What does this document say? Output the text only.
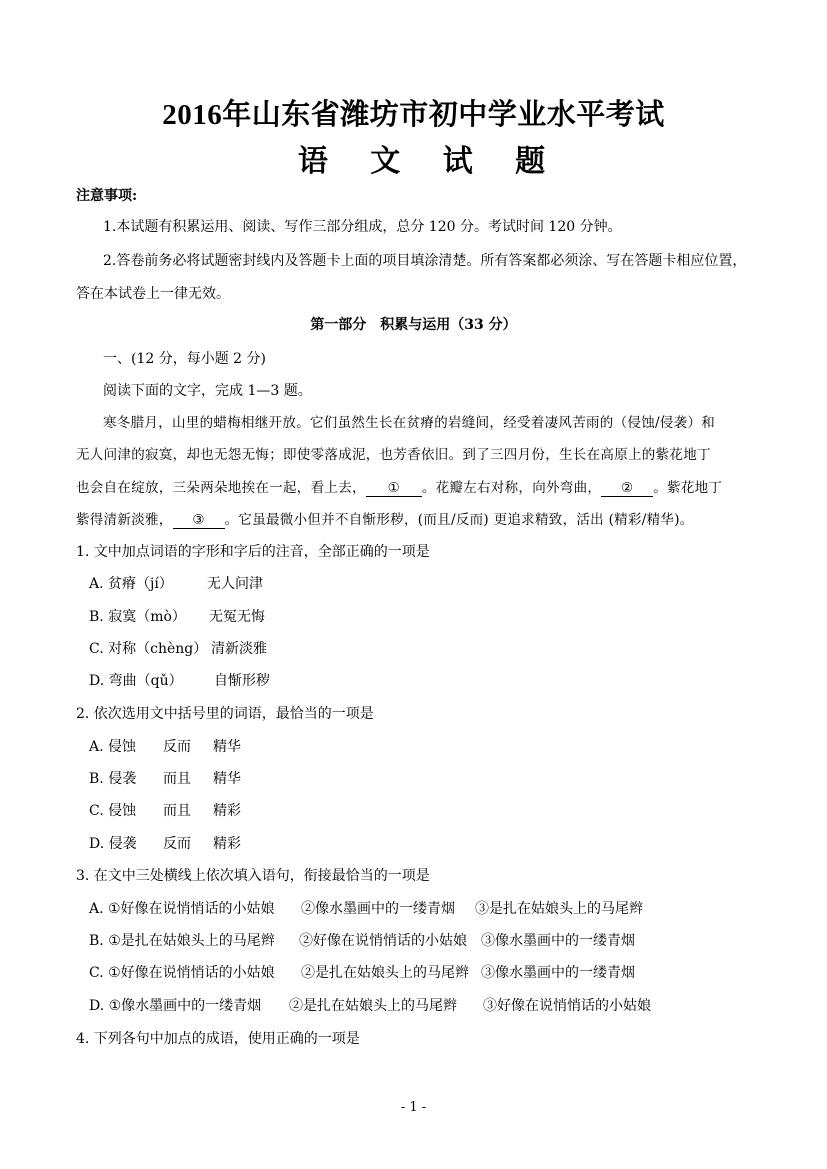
2016年山东省潍坊市初中学业水平考试
语 文 试 题
注意事项:
1.本试题有积累运用、阅读、写作三部分组成，总分 120 分。考试时间 120 分钟。
2.答卷前务必将试题密封线内及答题卡上面的项目填涂清楚。所有答案都必须涂、写在答题卡相应位置，
答在本试卷上一律无效。
第一部分　积累与运用（33 分）
一、(12 分，每小题 2 分)
阅读下面的文字，完成 1—3 题。
寒冬腊月，山里的蜡梅相继开放。它们虽然生长在贫瘠的岩缝间，经受着凄风苦雨的（侵蚀/侵袭）和
无人问津的寂寞，却也无怨无悔；即使零落成泥，也芳香依旧。到了三四月份，生长在高原上的紫花地丁
也会自在绽放，三朵两朵地挨在一起，看上去， ① 。花瓣左右对称，向外弯曲， ② 。紫花地丁
紫得清新淡雅， ③ 。它虽最微小但并不自惭形秽，(而且/反而) 更追求精致，活出 (精彩/精华)。
1. 文中加点词语的字形和字后的注音，全部正确的一项是
A. 贫瘠（jí） 无人问津
B. 寂寞（mò） 无冤无悔
C. 对称（chèng） 清新淡雅
D. 弯曲（qǔ） 自惭形秽
2. 依次选用文中括号里的词语，最恰当的一项是
A. 侵蚀 反而 精华
B. 侵袭 而且 精华
C. 侵蚀 而且 精彩
D. 侵袭 反而 精彩
3. 在文中三处横线上依次填入语句，衔接最恰当的一项是
A. ①好像在说悄悄话的小姑娘 ②像水墨画中的一缕青烟 ③是扎在姑娘头上的马尾辫
B. ①是扎在姑娘头上的马尾辫 ②好像在说悄悄话的小姑娘 ③像水墨画中的一缕青烟
C. ①好像在说悄悄话的小姑娘 ②是扎在姑娘头上的马尾辫 ③像水墨画中的一缕青烟
D. ①像水墨画中的一缕青烟 ②是扎在姑娘头上的马尾辫 ③好像在说悄悄话的小姑娘
4. 下列各句中加点的成语，使用正确的一项是
- 1 -
